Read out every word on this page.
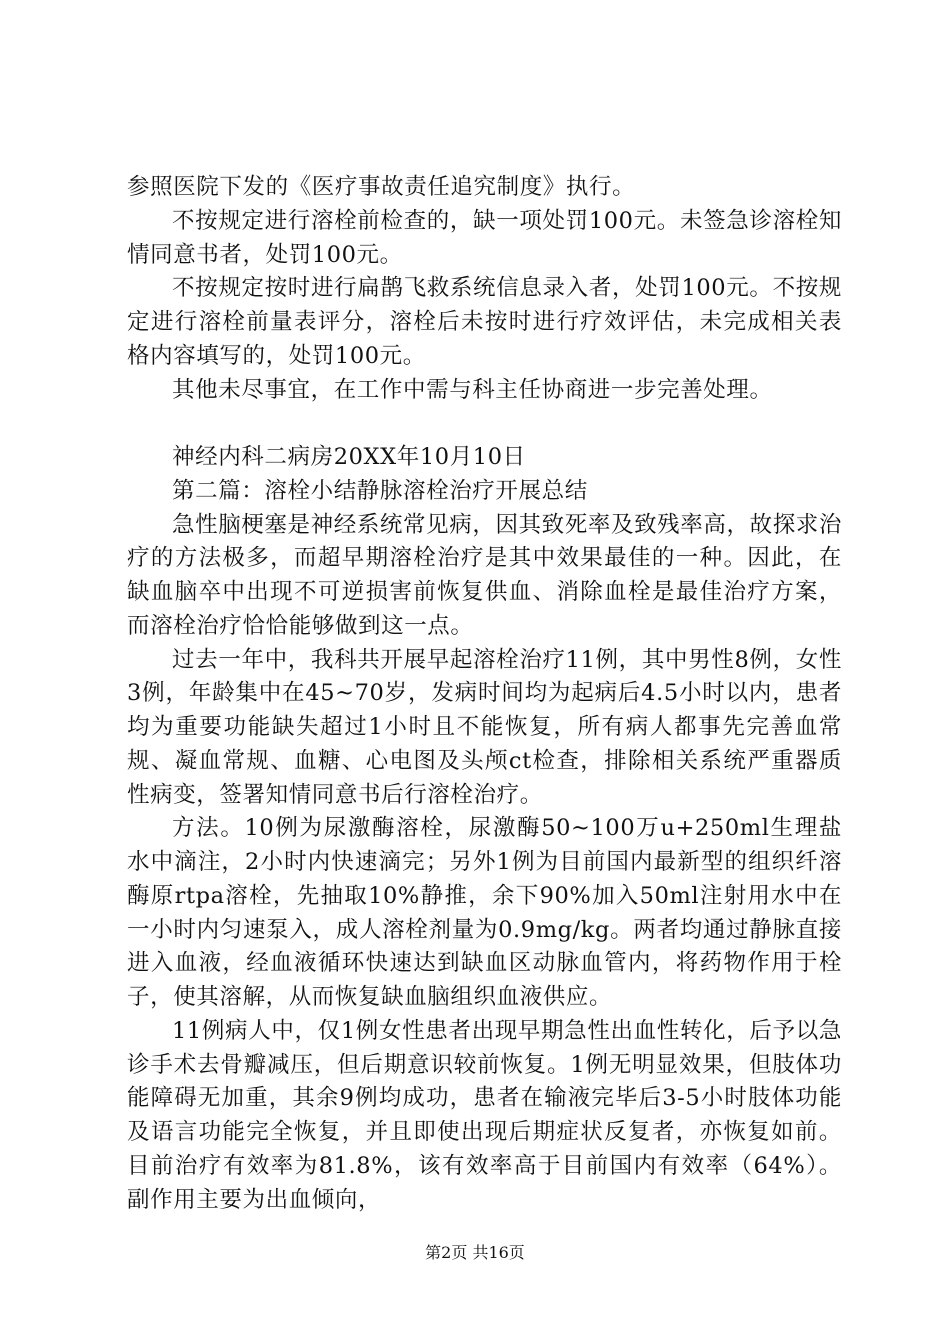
参照医院下发的《医疗事故责任追究制度》执行。

不按规定进行溶栓前检查的，缺一项处罚100元。未签急诊溶栓知情同意书者，处罚100元。

不按规定按时进行扁鹊飞救系统信息录入者，处罚100元。不按规定进行溶栓前量表评分，溶栓后未按时进行疗效评估，未完成相关表格内容填写的，处罚100元。

其他未尽事宜，在工作中需与科主任协商进一步完善处理。

神经内科二病房20XX年10月10日

第二篇：溶栓小结静脉溶栓治疗开展总结

急性脑梗塞是神经系统常见病，因其致死率及致残率高，故探求治疗的方法极多，而超早期溶栓治疗是其中效果最佳的一种。因此，在缺血脑卒中出现不可逆损害前恢复供血、消除血栓是最佳治疗方案，而溶栓治疗恰恰能够做到这一点。

过去一年中，我科共开展早起溶栓治疗11例，其中男性8例，女性3例，年龄集中在45~70岁，发病时间均为起病后4.5小时以内，患者均为重要功能缺失超过1小时且不能恢复，所有病人都事先完善血常规、凝血常规、血糖、心电图及头颅ct检查，排除相关系统严重器质性病变，签署知情同意书后行溶栓治疗。

方法。10例为尿激酶溶栓，尿激酶50~100万u+250ml生理盐水中滴注，2小时内快速滴完；另外1例为目前国内最新型的组织纤溶酶原rtpa溶栓，先抽取10%静推，余下90%加入50ml注射用水中在一小时内匀速泵入，成人溶栓剂量为0.9mg/kg。两者均通过静脉直接进入血液，经血液循环快速达到缺血区动脉血管内，将药物作用于栓子，使其溶解，从而恢复缺血脑组织血液供应。

11例病人中，仅1例女性患者出现早期急性出血性转化，后予以急诊手术去骨瓣减压，但后期意识较前恢复。1例无明显效果，但肢体功能障碍无加重，其余9例均成功，患者在输液完毕后3-5小时肢体功能及语言功能完全恢复，并且即使出现后期症状反复者，亦恢复如前。目前治疗有效率为81.8%，该有效率高于目前国内有效率（64%）。副作用主要为出血倾向，

第2页 共16页
